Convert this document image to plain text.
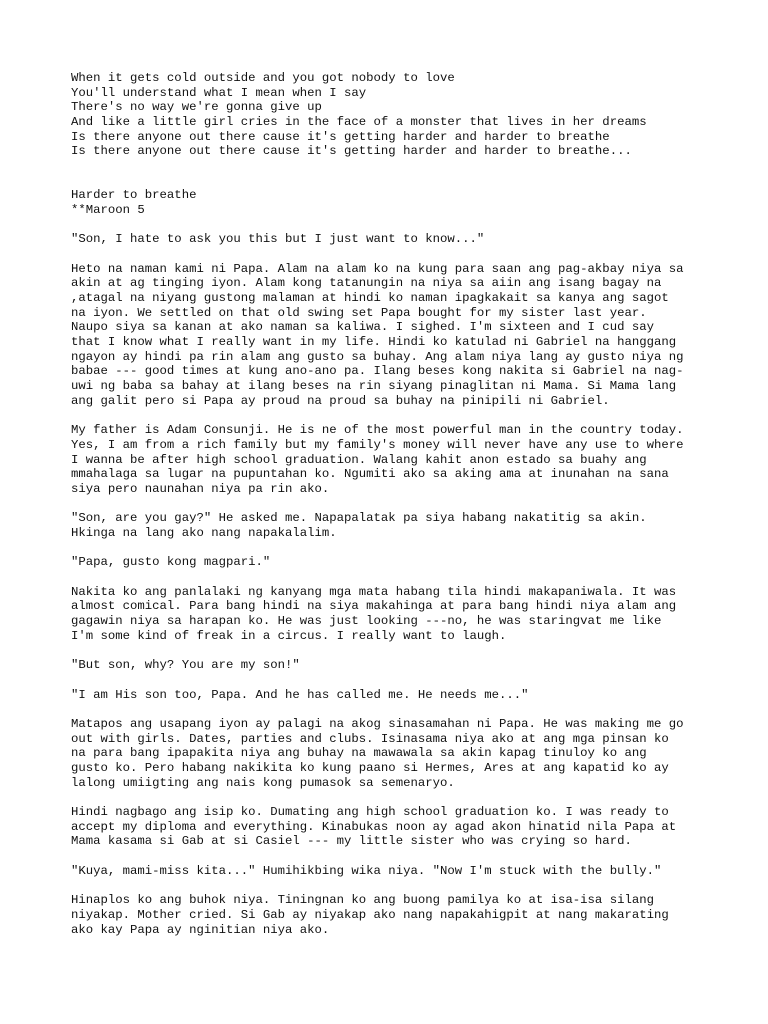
When it gets cold outside and you got nobody to love
You'll understand what I mean when I say
There's no way we're gonna give up
And like a little girl cries in the face of a monster that lives in her dreams
Is there anyone out there cause it's getting harder and harder to breathe
Is there anyone out there cause it's getting harder and harder to breathe...
Harder to breathe
**Maroon 5
"Son, I hate to ask you this but I just want to know..."
Heto na naman kami ni Papa. Alam na alam ko na kung para saan ang pag-akbay niya sa
akin at ag tinging iyon. Alam kong tatanungin na niya sa aiin ang isang bagay na
,atagal na niyang gustong malaman at hindi ko naman ipagkakait sa kanya ang sagot
na iyon. We settled on that old swing set Papa bought for my sister last year.
Naupo siya sa kanan at ako naman sa kaliwa. I sighed. I'm sixteen and I cud say
that I know what I really want in my life. Hindi ko katulad ni Gabriel na hanggang
ngayon ay hindi pa rin alam ang gusto sa buhay. Ang alam niya lang ay gusto niya ng
babae --- good times at kung ano-ano pa. Ilang beses kong nakita si Gabriel na nag-
uwi ng baba sa bahay at ilang beses na rin siyang pinaglitan ni Mama. Si Mama lang
ang galit pero si Papa ay proud na proud sa buhay na pinipili ni Gabriel.
My father is Adam Consunji. He is ne of the most powerful man in the country today.
Yes, I am from a rich family but my family's money will never have any use to where
I wanna be after high school graduation. Walang kahit anon estado sa buahy ang
mmahalaga sa lugar na pupuntahan ko. Ngumiti ako sa aking ama at inunahan na sana
siya pero naunahan niya pa rin ako.
"Son, are you gay?" He asked me. Napapalatak pa siya habang nakatitig sa akin.
Hkinga na lang ako nang napakalalim.
"Papa, gusto kong magpari."
Nakita ko ang panlalaki ng kanyang mga mata habang tila hindi makapaniwala. It was
almost comical. Para bang hindi na siya makahinga at para bang hindi niya alam ang
gagawin niya sa harapan ko. He was just looking ---no, he was staringvat me like
I'm some kind of freak in a circus. I really want to laugh.
"But son, why? You are my son!"
"I am His son too, Papa. And he has called me. He needs me..."
Matapos ang usapang iyon ay palagi na akog sinasamahan ni Papa. He was making me go
out with girls. Dates, parties and clubs. Isinasama niya ako at ang mga pinsan ko
na para bang ipapakita niya ang buhay na mawawala sa akin kapag tinuloy ko ang
gusto ko. Pero habang nakikita ko kung paano si Hermes, Ares at ang kapatid ko ay
lalong umiigting ang nais kong pumasok sa semenaryo.
Hindi nagbago ang isip ko. Dumating ang high school graduation ko. I was ready to
accept my diploma and everything. Kinabukas noon ay agad akon hinatid nila Papa at
Mama kasama si Gab at si Casiel --- my little sister who was crying so hard.
"Kuya, mami-miss kita..." Humihikbing wika niya. "Now I'm stuck with the bully."
Hinaplos ko ang buhok niya. Tiningnan ko ang buong pamilya ko at isa-isa silang
niyakap. Mother cried. Si Gab ay niyakap ako nang napakahigpit at nang makarating
ako kay Papa ay nginitian niya ako.
